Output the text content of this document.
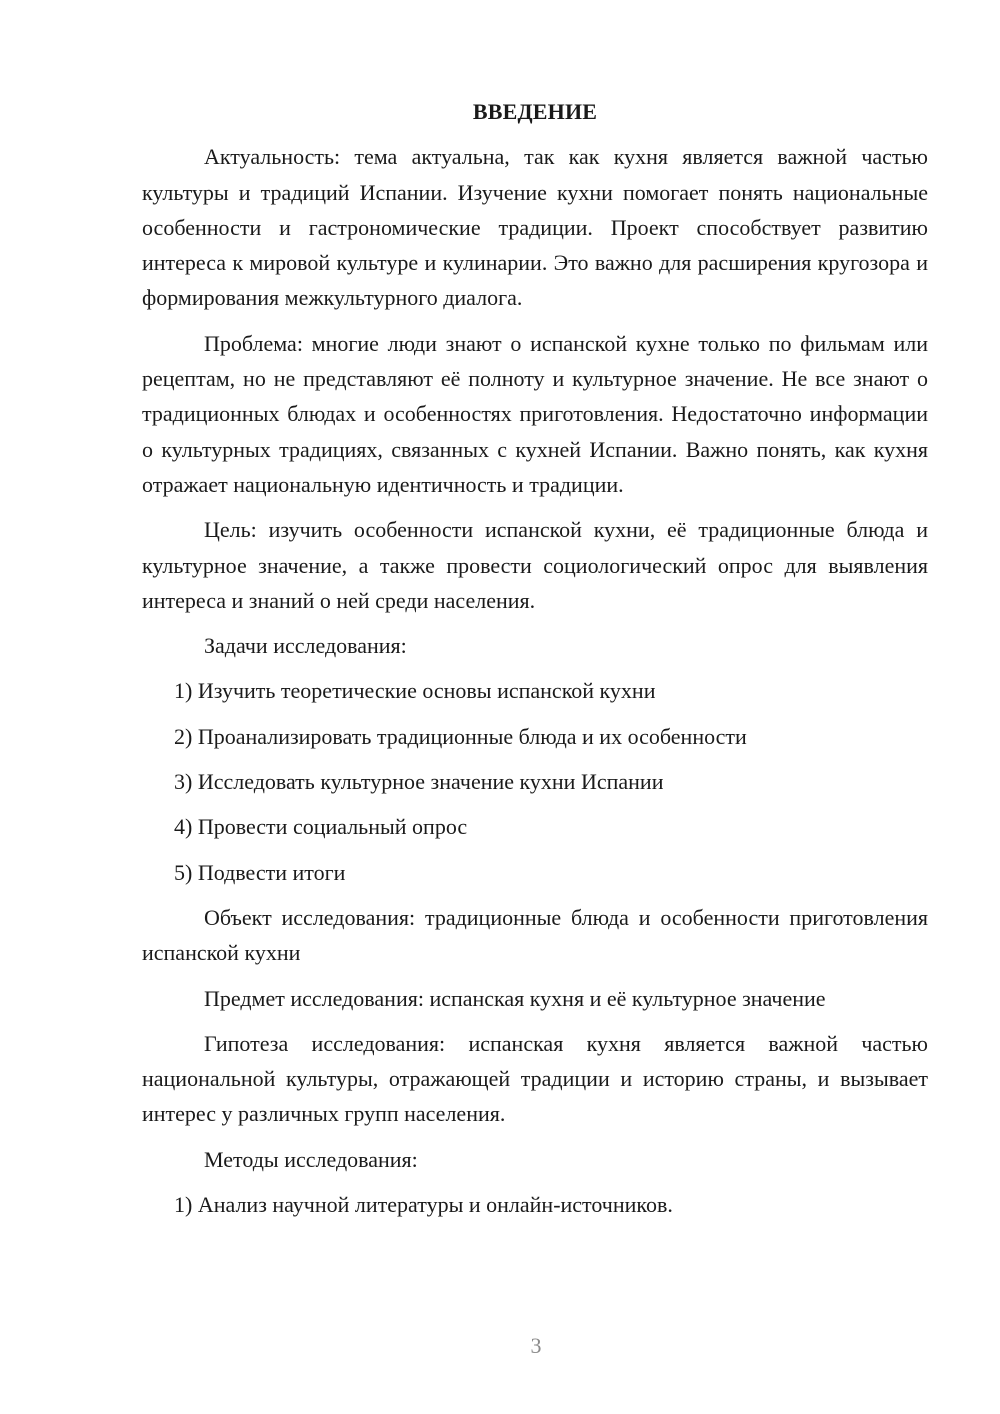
ВВЕДЕНИЕ

Актуальность: тема актуальна, так как кухня является важной частью культуры и традиций Испании. Изучение кухни помогает понять национальные особенности и гастрономические традиции. Проект способствует развитию интереса к мировой культуре и кулинарии. Это важно для расширения кругозора и формирования межкультурного диалога.

Проблема: многие люди знают о испанской кухне только по фильмам или рецептам, но не представляют её полноту и культурное значение. Не все знают о традиционных блюдах и особенностях приготовления. Недостаточно информации о культурных традициях, связанных с кухней Испании. Важно понять, как кухня отражает национальную идентичность и традиции.

Цель: изучить особенности испанской кухни, её традиционные блюда и культурное значение, а также провести социологический опрос для выявления интереса и знаний о ней среди населения.

Задачи исследования:

1) Изучить теоретические основы испанской кухни

2) Проанализировать традиционные блюда и их особенности

3) Исследовать культурное значение кухни Испании

4) Провести социальный опрос

5) Подвести итоги

Объект исследования: традиционные блюда и особенности приготовления испанской кухни

Предмет исследования: испанская кухня и её культурное значение

Гипотеза исследования: испанская кухня является важной частью национальной культуры, отражающей традиции и историю страны, и вызывает интерес у различных групп населения.

Методы исследования:

1) Анализ научной литературы и онлайн-источников.

3
